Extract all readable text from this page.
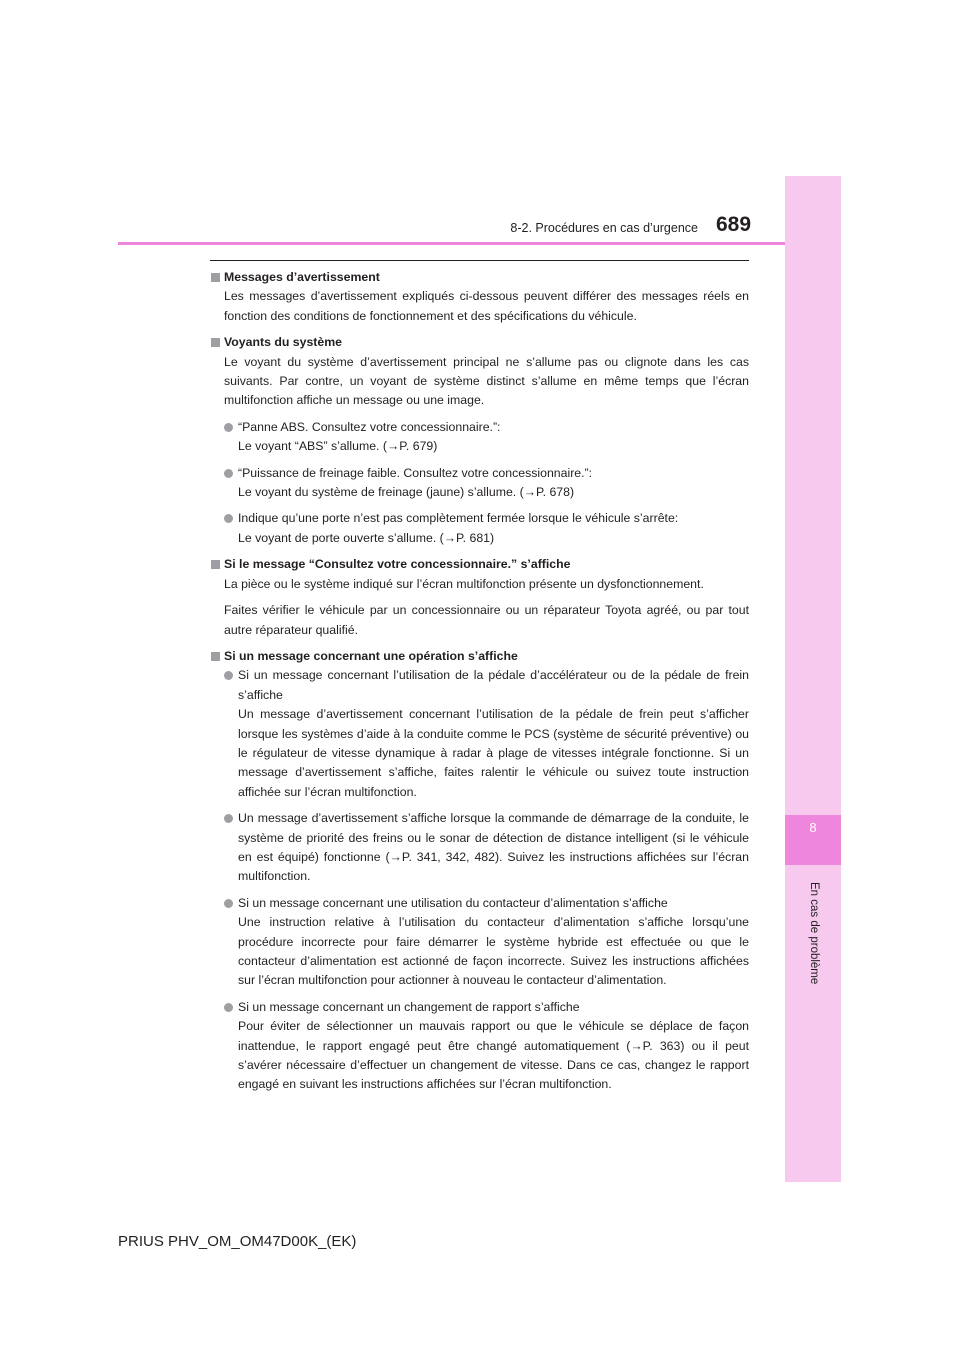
8
En cas de problème
8-2. Procédures en cas d’urgence 689
Messages d’avertissement

Les messages d’avertissement expliqués ci-dessous peuvent différer des messages réels en fonction des conditions de fonctionnement et des spécifications du véhicule.

Voyants du système

Le voyant du système d’avertissement principal ne s’allume pas ou clignote dans les cas suivants. Par contre, un voyant de système distinct s’allume en même temps que l’écran multifonction affiche un message ou une image.

“Panne ABS. Consultez votre concessionnaire.”:
Le voyant “ABS” s’allume. (→P. 679)
“Puissance de freinage faible. Consultez votre concessionnaire.”:
Le voyant du système de freinage (jaune) s’allume. (→P. 678)
Indique qu’une porte n’est pas complètement fermée lorsque le véhicule s’arrête:
Le voyant de porte ouverte s’allume. (→P. 681)
Si le message “Consultez votre concessionnaire.” s’affiche

La pièce ou le système indiqué sur l’écran multifonction présente un dysfonctionnement.

Faites vérifier le véhicule par un concessionnaire ou un réparateur Toyota agréé, ou par tout autre réparateur qualifié.

Si un message concernant une opération s’affiche
Si un message concernant l’utilisation de la pédale d’accélérateur ou de la pédale de frein s’affiche
Un message d’avertissement concernant l’utilisation de la pédale de frein peut s’afficher lorsque les systèmes d’aide à la conduite comme le PCS (système de sécurité préventive) ou le régulateur de vitesse dynamique à radar à plage de vitesses intégrale fonctionne. Si un message d’avertissement s’affiche, faites ralentir le véhicule ou suivez toute instruction affichée sur l’écran multifonction.
Un message d’avertissement s’affiche lorsque la commande de démarrage de la conduite, le système de priorité des freins ou le sonar de détection de distance intelligent (si le véhicule en est équipé) fonctionne (→P. 341, 342, 482). Suivez les instructions affichées sur l’écran multifonction.
Si un message concernant une utilisation du contacteur d’alimentation s’affiche
Une instruction relative à l’utilisation du contacteur d’alimentation s’affiche lorsqu’une procédure incorrecte pour faire démarrer le système hybride est effectuée ou que le contacteur d’alimentation est actionné de façon incorrecte. Suivez les instructions affichées sur l’écran multifonction pour actionner à nouveau le contacteur d’alimentation.
Si un message concernant un changement de rapport s’affiche
Pour éviter de sélectionner un mauvais rapport ou que le véhicule se déplace de façon inattendue, le rapport engagé peut être changé automatiquement (→P. 363) ou il peut s’avérer nécessaire d’effectuer un changement de vitesse. Dans ce cas, changez le rapport engagé en suivant les instructions affichées sur l’écran multifonction.
PRIUS PHV_OM_OM47D00K_(EK)
